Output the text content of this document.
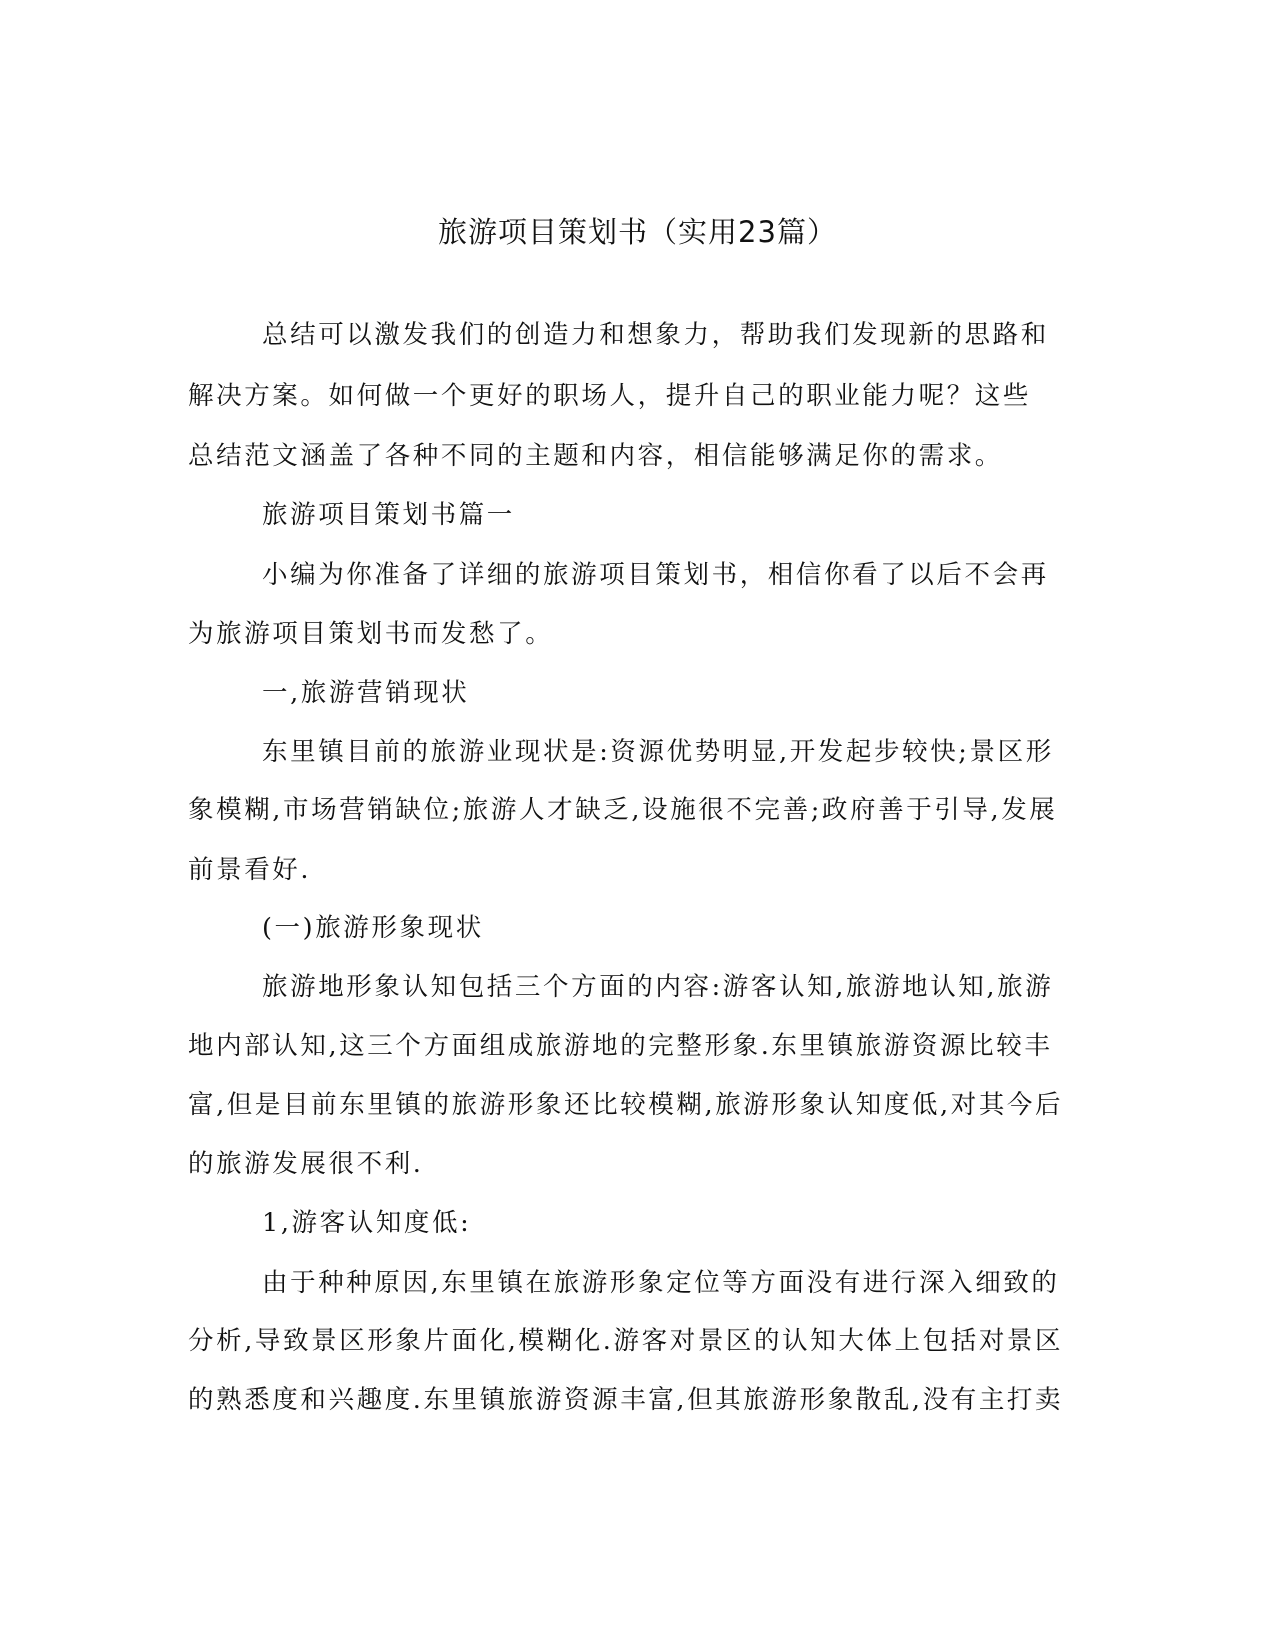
旅游项目策划书（实用23篇）
总结可以激发我们的创造力和想象力，帮助我们发现新的思路和
解决方案。如何做一个更好的职场人，提升自己的职业能力呢？这些
总结范文涵盖了各种不同的主题和内容，相信能够满足你的需求。
旅游项目策划书篇一
小编为你准备了详细的旅游项目策划书，相信你看了以后不会再
为旅游项目策划书而发愁了。
一,旅游营销现状
东里镇目前的旅游业现状是:资源优势明显,开发起步较快;景区形
象模糊,市场营销缺位;旅游人才缺乏,设施很不完善;政府善于引导,发展
前景看好.
(一)旅游形象现状
旅游地形象认知包括三个方面的内容:游客认知,旅游地认知,旅游
地内部认知,这三个方面组成旅游地的完整形象.东里镇旅游资源比较丰
富,但是目前东里镇的旅游形象还比较模糊,旅游形象认知度低,对其今后
的旅游发展很不利.
1,游客认知度低:
由于种种原因,东里镇在旅游形象定位等方面没有进行深入细致的
分析,导致景区形象片面化,模糊化.游客对景区的认知大体上包括对景区
的熟悉度和兴趣度.东里镇旅游资源丰富,但其旅游形象散乱,没有主打卖
